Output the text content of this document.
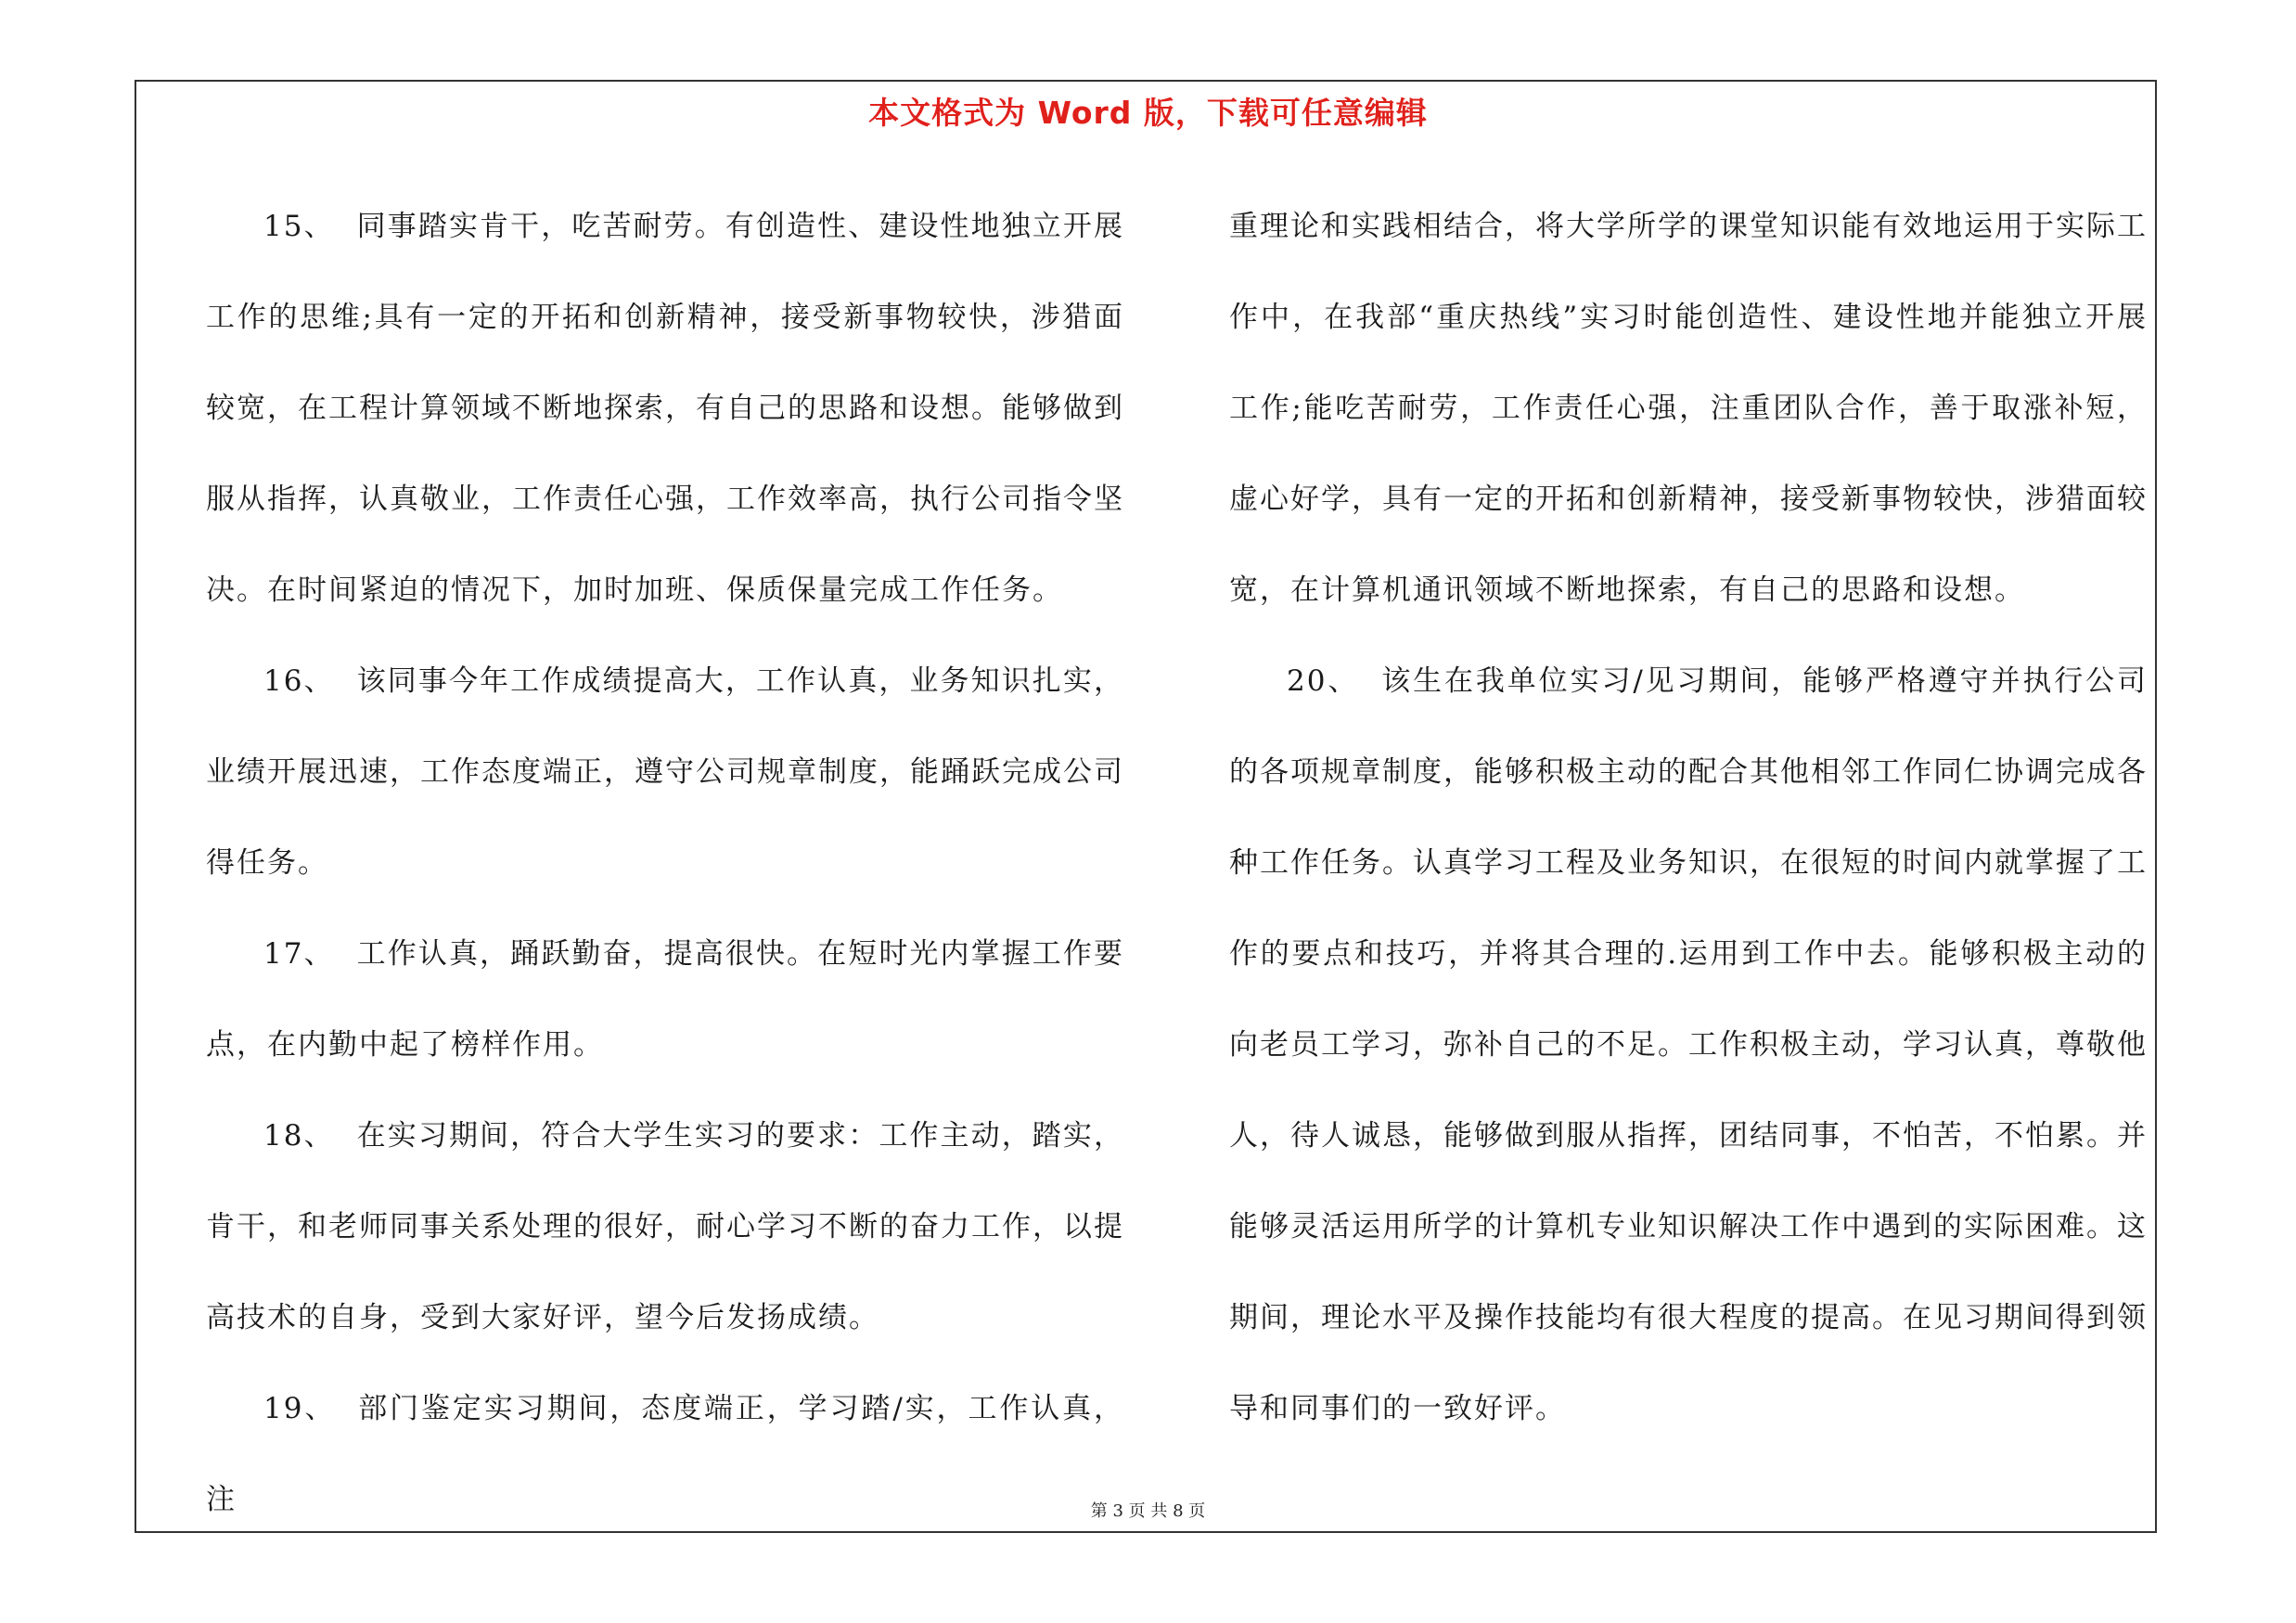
本文格式为 Word 版，下载可任意编辑

15、 同事踏实肯干，吃苦耐劳。有创造性、建设性地独立开展工作的思维;具有一定的开拓和创新精神，接受新事物较快，涉猎面较宽，在工程计算领域不断地探索，有自己的思路和设想。能够做到服从指挥，认真敬业，工作责任心强，工作效率高，执行公司指令坚决。在时间紧迫的情况下，加时加班、保质保量完成工作任务。

16、 该同事今年工作成绩提高大，工作认真，业务知识扎实，业绩开展迅速，工作态度端正，遵守公司规章制度，能踊跃完成公司得任务。

17、 工作认真，踊跃勤奋，提高很快。在短时光内掌握工作要点，在内勤中起了榜样作用。

18、 在实习期间，符合大学生实习的要求：工作主动，踏实，肯干，和老师同事关系处理的很好，耐心学习不断的奋力工作，以提高技术的自身，受到大家好评，望今后发扬成绩。

19、 部门鉴定实习期间，态度端正，学习踏/实，工作认真，注

重理论和实践相结合，将大学所学的课堂知识能有效地运用于实际工作中，在我部“重庆热线”实习时能创造性、建设性地并能独立开展工作;能吃苦耐劳，工作责任心强，注重团队合作，善于取涨补短，虚心好学，具有一定的开拓和创新精神，接受新事物较快，涉猎面较宽，在计算机通讯领域不断地探索，有自己的思路和设想。

20、 该生在我单位实习/见习期间，能够严格遵守并执行公司的各项规章制度，能够积极主动的配合其他相邻工作同仁协调完成各种工作任务。认真学习工程及业务知识，在很短的时间内就掌握了工作的要点和技巧，并将其合理的.运用到工作中去。能够积极主动的向老员工学习，弥补自己的不足。工作积极主动，学习认真，尊敬他人，待人诚恳，能够做到服从指挥，团结同事，不怕苦，不怕累。并能够灵活运用所学的计算机专业知识解决工作中遇到的实际困难。这期间，理论水平及操作技能均有很大程度的提高。在见习期间得到领导和同事们的一致好评。

第 3 页 共 8 页
